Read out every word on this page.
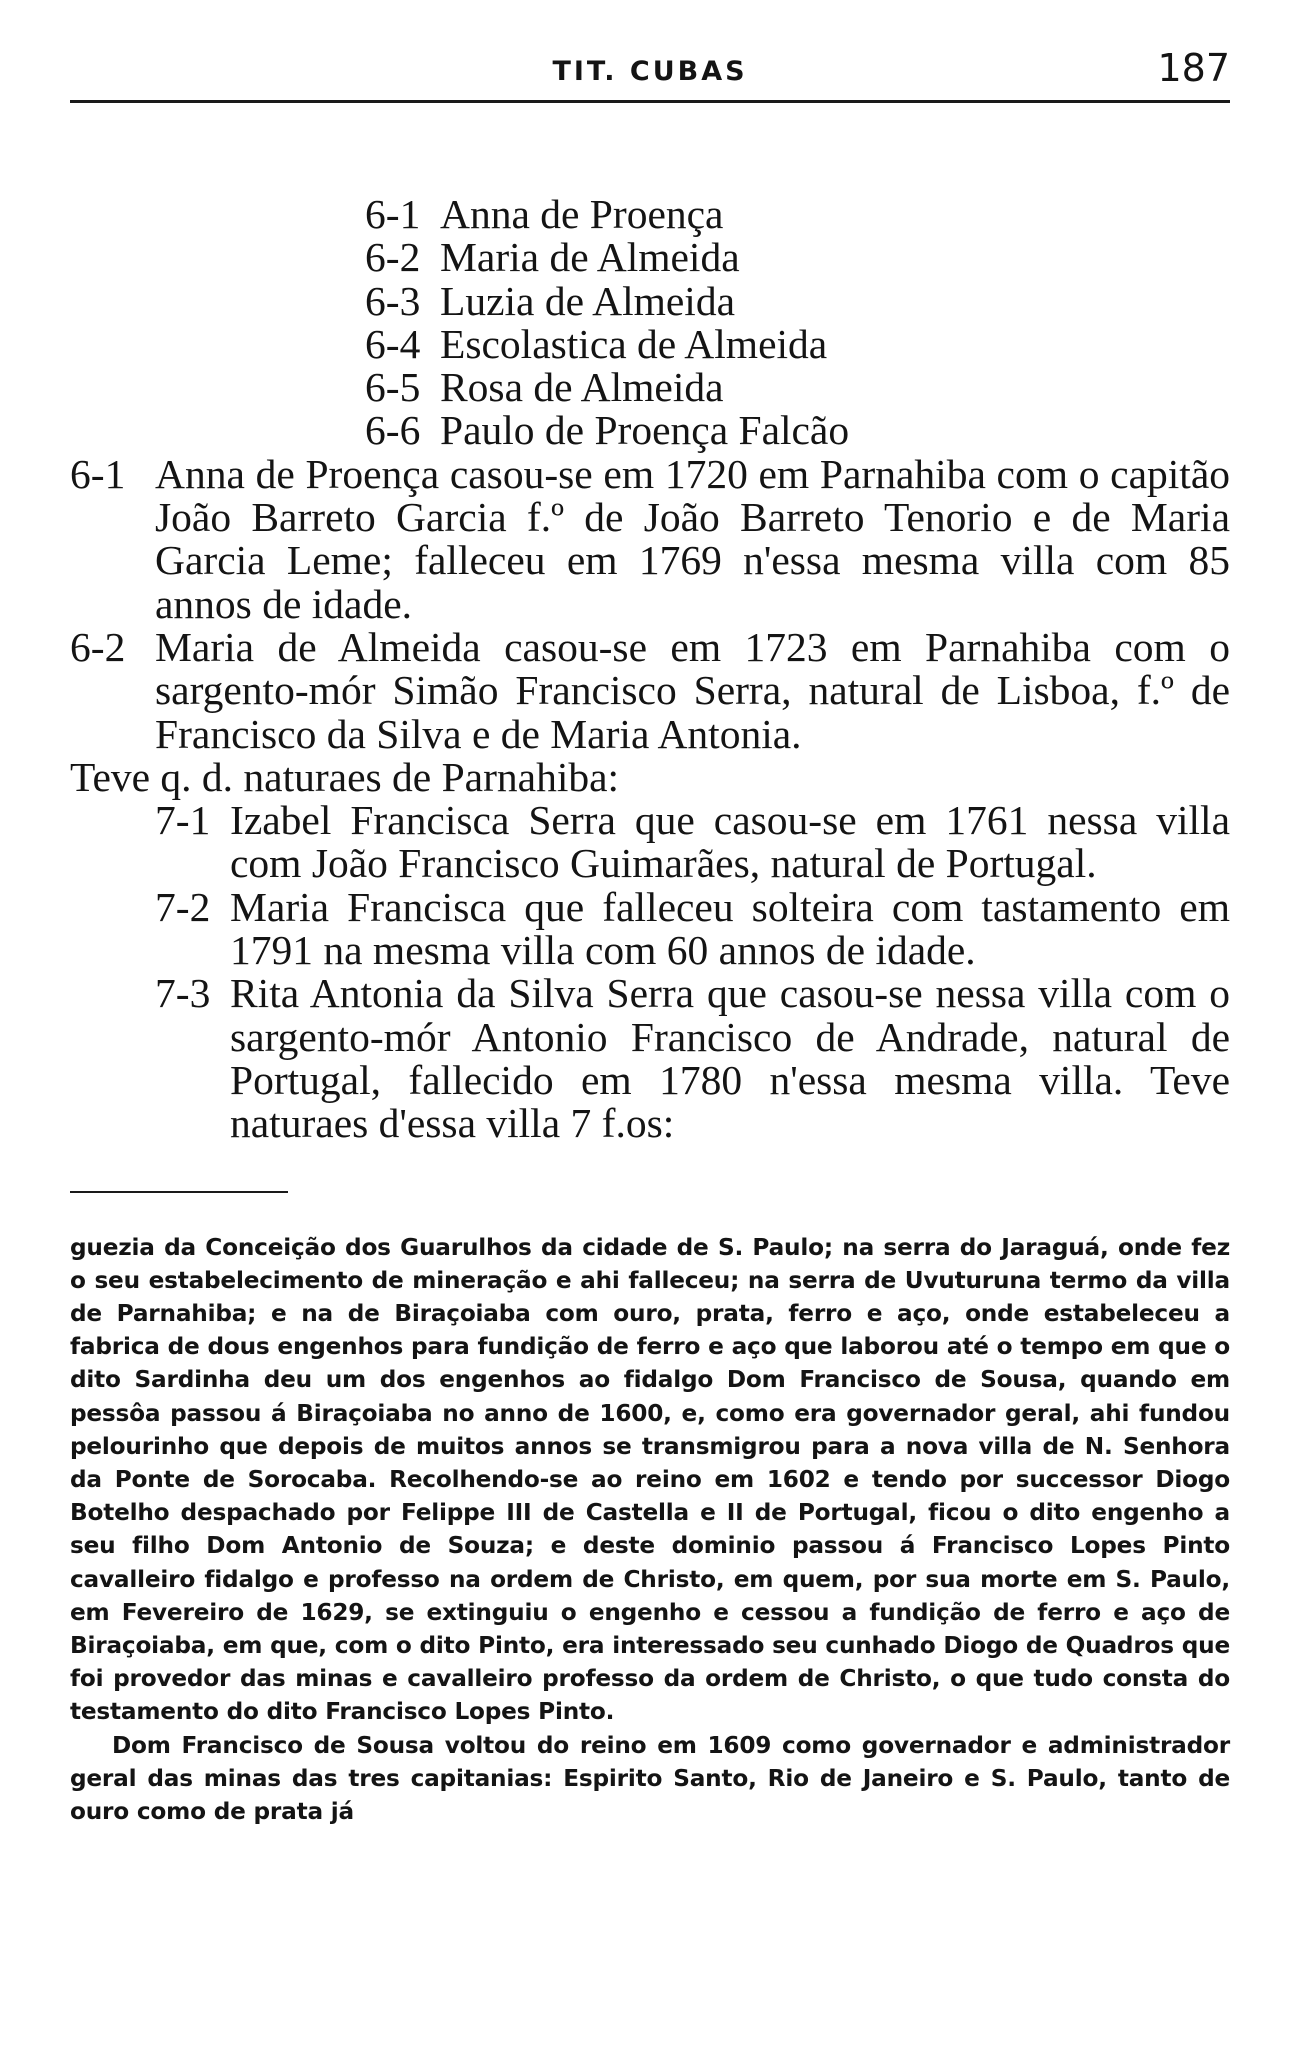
TIT. CUBAS	187
6-1 Anna de Proença
6-2 Maria de Almeida
6-3 Luzia de Almeida
6-4 Escolastica de Almeida
6-5 Rosa de Almeida
6-6 Paulo de Proença Falcão

6-1 Anna de Proença casou-se em 1720 em Parnahiba com o capitão João Barreto Garcia f.º de João Barreto Tenorio e de Maria Garcia Leme; falleceu em 1769 n'essa mesma villa com 85 annos de idade.

6-2 Maria de Almeida casou-se em 1723 em Parnahiba com o sargento-mór Simão Francisco Serra, natural de Lisboa, f.º de Francisco da Silva e de Maria Antonia.
Teve q. d. naturaes de Parnahiba:

7-1 Izabel Francisca Serra que casou-se em 1761 nessa villa com João Francisco Guimarães, natural de Portugal.

7-2 Maria Francisca que falleceu solteira com tastamento em 1791 na mesma villa com 60 annos de idade.

7-3 Rita Antonia da Silva Serra que casou-se nessa villa com o sargento-mór Antonio Francisco de Andrade, natural de Portugal, fallecido em 1780 n'essa mesma villa. Teve naturaes d'essa villa 7 f.os:

guezia da Conceição dos Guarulhos da cidade de S. Paulo; na serra do Jaraguá, onde fez o seu estabelecimento de mineração e ahi falleceu; na serra de Uvuturuna termo da villa de Parnahiba; e na de Biraçoiaba com ouro, prata, ferro e aço, onde estabeleceu a fabrica de dous engenhos para fundição de ferro e aço que laborou até o tempo em que o dito Sardinha deu um dos engenhos ao fidalgo Dom Francisco de Sousa, quando em pessôa passou á Biraçoiaba no anno de 1600, e, como era governador geral, ahi fundou pelourinho que depois de muitos annos se transmigrou para a nova villa de N. Senhora da Ponte de Sorocaba. Recolhendo-se ao reino em 1602 e tendo por successor Diogo Botelho despachado por Felippe III de Castella e II de Portugal, ficou o dito engenho a seu filho Dom Antonio de Souza; e deste dominio passou á Francisco Lopes Pinto cavalleiro fidalgo e professo na ordem de Christo, em quem, por sua morte em S. Paulo, em Fevereiro de 1629, se extinguiu o engenho e cessou a fundição de ferro e aço de Biraçoiaba, em que, com o dito Pinto, era interessado seu cunhado Diogo de Quadros que foi provedor das minas e cavalleiro professo da ordem de Christo, o que tudo consta do testamento do dito Francisco Lopes Pinto.

Dom Francisco de Sousa voltou do reino em 1609 como governador e administrador geral das minas das tres capitanias: Espirito Santo, Rio de Janeiro e S. Paulo, tanto de ouro como de prata já
